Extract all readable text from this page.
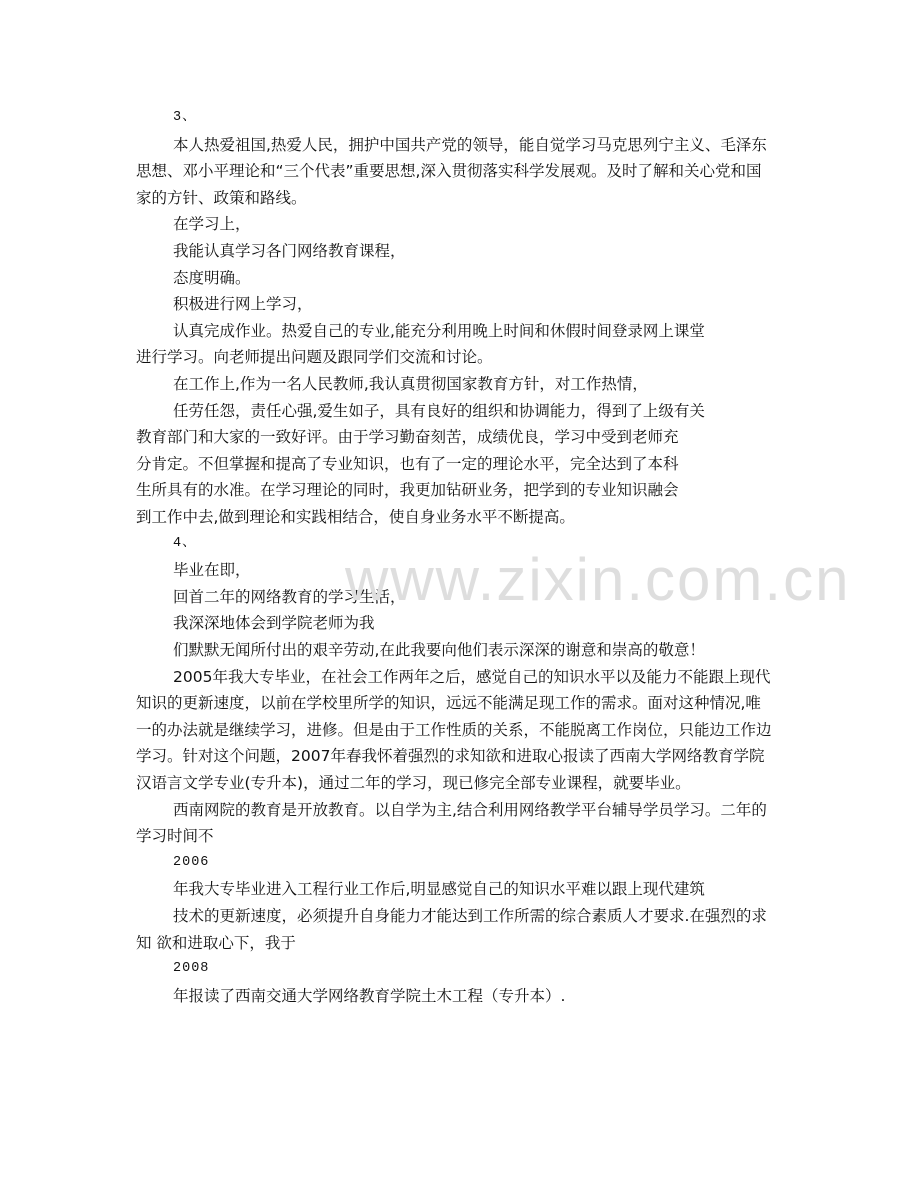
3、
本人热爱祖国,热爱人民，拥护中国共产党的领导，能自觉学习马克思列宁主义、毛泽东
思想、邓小平理论和“三个代表”重要思想,深入贯彻落实科学发展观。及时了解和关心党和国
家的方针、政策和路线。
在学习上，
我能认真学习各门网络教育课程，
态度明确。
积极进行网上学习，
认真完成作业。热爱自己的专业,能充分利用晚上时间和休假时间登录网上课堂
进行学习。向老师提出问题及跟同学们交流和讨论。
在工作上,作为一名人民教师,我认真贯彻国家教育方针，对工作热情，
任劳任怨，责任心强,爱生如子，具有良好的组织和协调能力，得到了上级有关
教育部门和大家的一致好评。由于学习勤奋刻苦，成绩优良，学习中受到老师充
分肯定。不但掌握和提高了专业知识，也有了一定的理论水平，完全达到了本科
生所具有的水准。在学习理论的同时，我更加钻研业务，把学到的专业知识融会
到工作中去,做到理论和实践相结合，使自身业务水平不断提高。
4、
毕业在即，
回首二年的网络教育的学习生活，
我深深地体会到学院老师为我
们默默无闻所付出的艰辛劳动,在此我要向他们表示深深的谢意和崇高的敬意！
2005年我大专毕业，在社会工作两年之后，感觉自己的知识水平以及能力不能跟上现代
知识的更新速度，以前在学校里所学的知识，远远不能满足现工作的需求。面对这种情况,唯
一的办法就是继续学习，进修。但是由于工作性质的关系，不能脱离工作岗位，只能边工作边
学习。针对这个问题，2007年春我怀着强烈的求知欲和进取心报读了西南大学网络教育学院
汉语言文学专业(专升本)，通过二年的学习，现已修完全部专业课程，就要毕业。
西南网院的教育是开放教育。以自学为主,结合利用网络教学平台辅导学员学习。二年的
学习时间不
2006
年我大专毕业进入工程行业工作后,明显感觉自己的知识水平难以跟上现代建筑
技术的更新速度，必须提升自身能力才能达到工作所需的综合素质人才要求.在强烈的求
知 欲和进取心下，我于
2008
年报读了西南交通大学网络教育学院土木工程（专升本）.
www.zixin.com.cn
